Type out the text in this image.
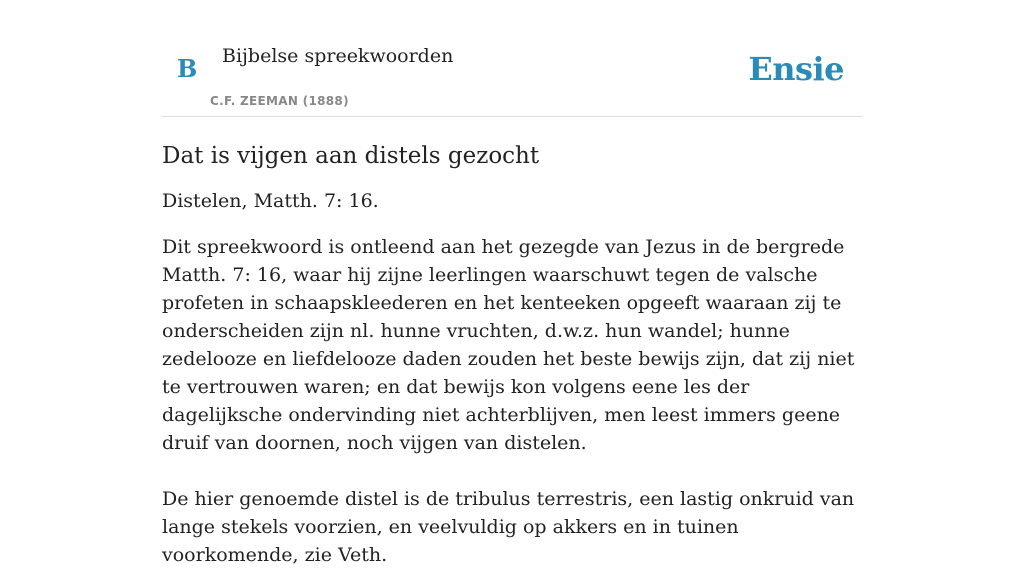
B Bijbelse spreekwoorden
C.F. ZEEMAN (1888)
Ensie
Dat is vijgen aan distels gezocht

Distelen, Matth. 7: 16.

Dit spreekwoord is ontleend aan het gezegde van Jezus in de bergrede Matth. 7: 16, waar hij zijne leerlingen waarschuwt tegen de valsche profeten in schaapskleederen en het kenteeken opgeeft waaraan zij te onderscheiden zijn nl. hunne vruchten, d.w.z. hun wandel; hunne zedelooze en liefdelooze daden zouden het beste bewijs zijn, dat zij niet te vertrouwen waren; en dat bewijs kon volgens eene les der dagelijksche ondervinding niet achterblijven, men leest immers geene druif van doornen, noch vijgen van distelen.

De hier genoemde distel is de tribulus terrestris, een lastig onkruid van lange stekels voorzien, en veelvuldig op akkers en in tuinen voorkomende, zie Veth.
